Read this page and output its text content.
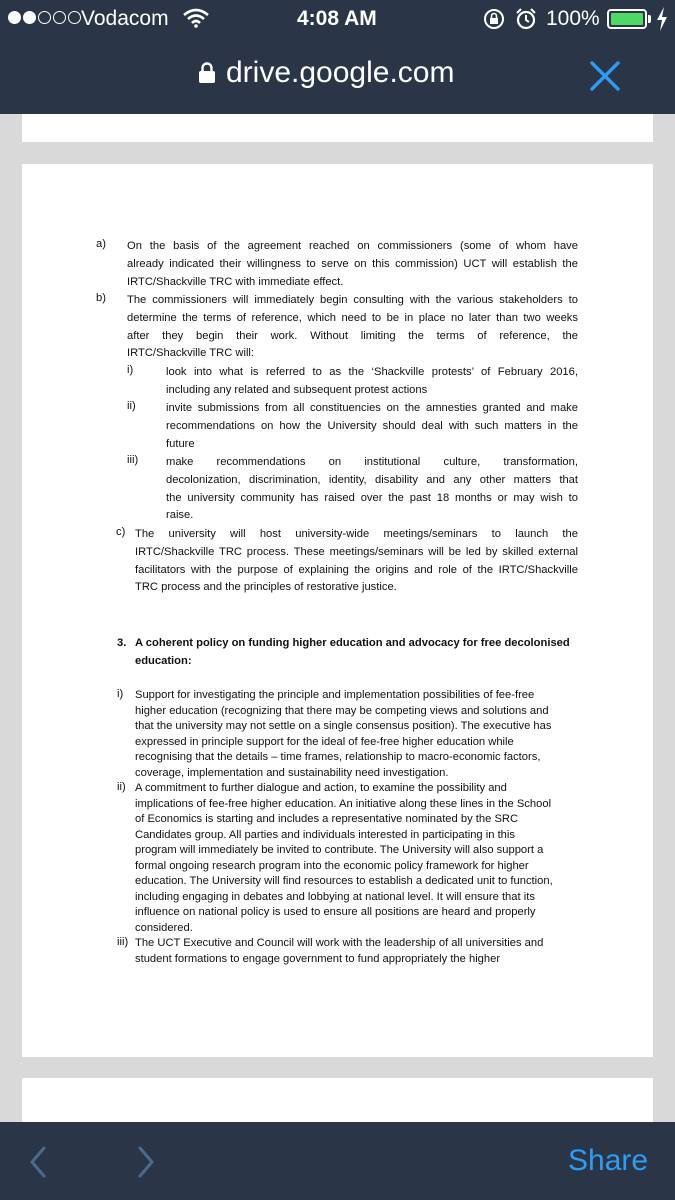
Vodacom	4:08 AM	100%
drive.google.com
a) On the basis of the agreement reached on commissioners (some of whom have
already indicated their willingness to serve on this commission) UCT will establish the
IRTC/Shackville TRC with immediate effect.
b) The commissioners will immediately begin consulting with the various stakeholders to
determine the terms of reference, which need to be in place no later than two weeks
after they begin their work. Without limiting the terms of reference, the
IRTC/Shackville TRC will:
i)	look into what is referred to as the ‘Shackville protests’ of February 2016,
including any related and subsequent protest actions
ii)	invite submissions from all constituencies on the amnesties granted and make
recommendations on how the University should deal with such matters in the
future
iii) make recommendations on institutional culture, transformation,
decolonization, discrimination, identity, disability and any other matters that
the university community has raised over the past 18 months or may wish to
raise.
c) The university will host university-wide meetings/seminars to launch the
IRTC/Shackville TRC process. These meetings/seminars will be led by skilled external
facilitators with the purpose of explaining the origins and role of the IRTC/Shackville
TRC process and the principles of restorative justice.
3. A coherent policy on funding higher education and advocacy for free decolonised
education:
i) Support for investigating the principle and implementation possibilities of fee-free
higher education (recognizing that there may be competing views and solutions and
that the university may not settle on a single consensus position). The executive has
expressed in principle support for the ideal of fee-free higher education while
recognising that the details – time frames, relationship to macro-economic factors,
coverage, implementation and sustainability need investigation.
ii) A commitment to further dialogue and action, to examine the possibility and
implications of fee-free higher education. An initiative along these lines in the School
of Economics is starting and includes a representative nominated by the SRC
Candidates group. All parties and individuals interested in participating in this
program will immediately be invited to contribute. The University will also support a
formal ongoing research program into the economic policy framework for higher
education. The University will find resources to establish a dedicated unit to function,
including engaging in debates and lobbying at national level. It will ensure that its
influence on national policy is used to ensure all positions are heard and properly
considered.
iii) The UCT Executive and Council will work with the leadership of all universities and
student formations to engage government to fund appropriately the higher
Share
